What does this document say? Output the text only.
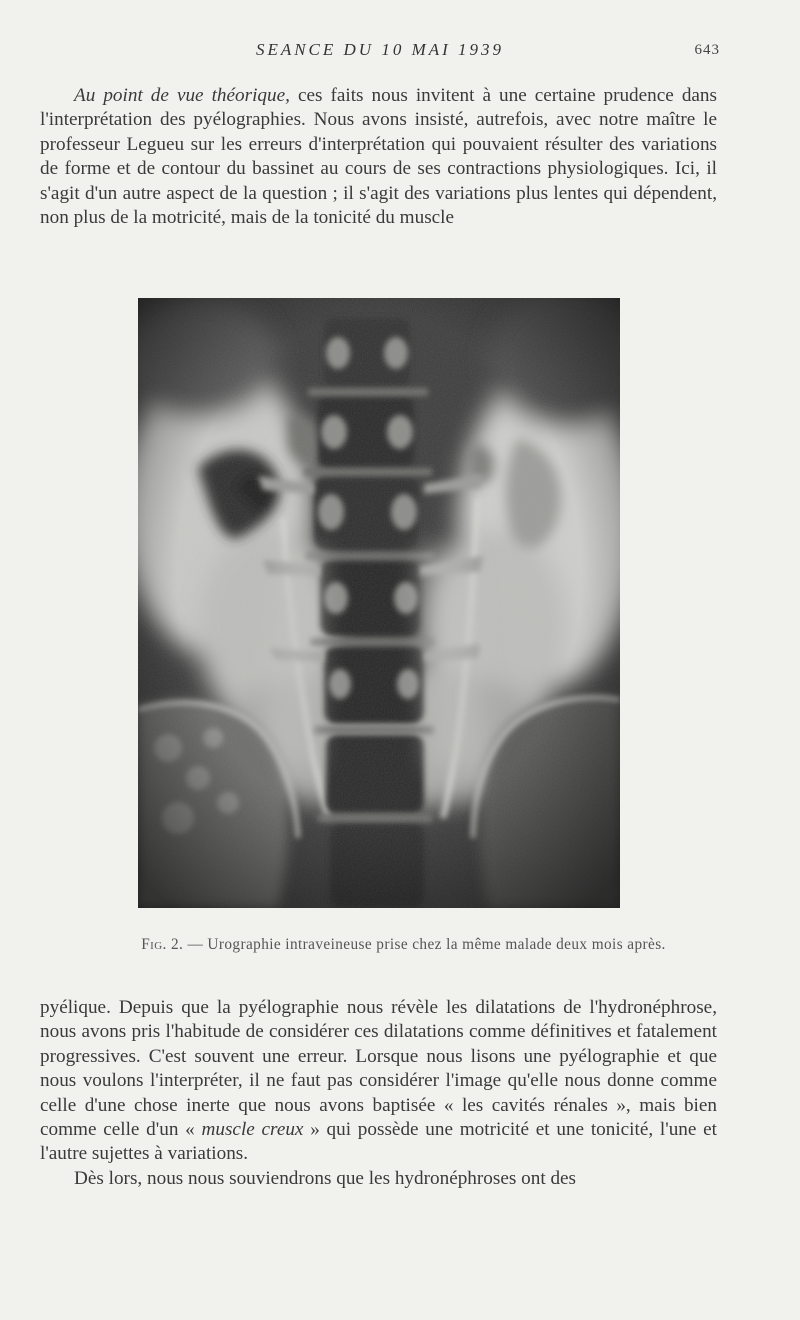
SEANCE DU 10 MAI 1939	643

Au point de vue théorique, ces faits nous invitent à une certaine prudence dans l'interprétation des pyélographies. Nous avons insisté, autrefois, avec notre maître le professeur Legueu sur les erreurs d'interprétation qui pouvaient résulter des variations de forme et de contour du bassinet au cours de ses contractions physiologiques. Ici, il s'agit d'un autre aspect de la question ; il s'agit des variations plus lentes qui dépendent, non plus de la motricité, mais de la tonicité du muscle

Fig. 2. — Urographie intraveineuse prise chez la même malade deux mois après.

pyélique. Depuis que la pyélographie nous révèle les dilatations de l'hydronéphrose, nous avons pris l'habitude de considérer ces dilatations comme définitives et fatalement progressives. C'est souvent une erreur. Lorsque nous lisons une pyélographie et que nous voulons l'interpréter, il ne faut pas considérer l'image qu'elle nous donne comme celle d'une chose inerte que nous avons baptisée « les cavités rénales », mais bien comme celle d'un « muscle creux » qui possède une motricité et une tonicité, l'une et l'autre sujettes à variations.

Dès lors, nous nous souviendrons que les hydronéphroses ont des
